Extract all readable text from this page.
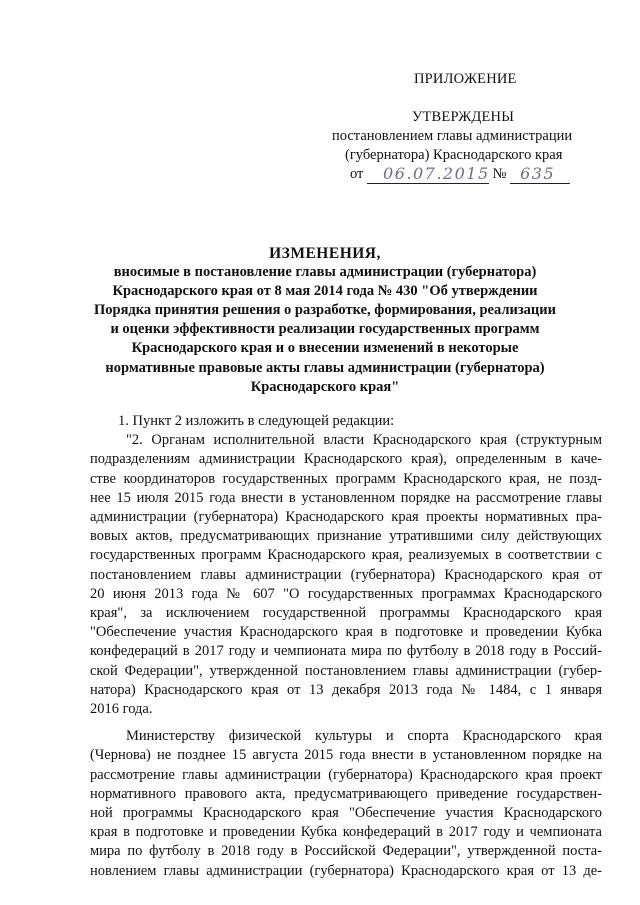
ПРИЛОЖЕНИЕ
УТВЕРЖДЕНЫ
постановлением главы администрации
(губернатора) Краснодарского края
от 06.07.2015 № 635
ИЗМЕНЕНИЯ,
вносимые в постановление главы администрации (губернатора)
Краснодарского края от 8 мая 2014 года № 430 "Об утверждении
Порядка принятия решения о разработке, формирования, реализации
и оценки эффективности реализации государственных программ
Краснодарского края и о внесении изменений в некоторые
нормативные правовые акты главы администрации (губернатора)
Краснодарского края"
1. Пункт 2 изложить в следующей редакции:
"2. Органам исполнительной власти Краснодарского края (структурным
подразделениям администрации Краснодарского края), определенным в каче-
стве координаторов государственных программ Краснодарского края, не позд-
нее 15 июля 2015 года внести в установленном порядке на рассмотрение главы
администрации (губернатора) Краснодарского края проекты нормативных пра-
вовых актов, предусматривающих признание утратившими силу действующих
государственных программ Краснодарского края, реализуемых в соответствии с
постановлением главы администрации (губернатора) Краснодарского края от
20 июня 2013 года № 607 "О государственных программах Краснодарского
края", за исключением государственной программы Краснодарского края
"Обеспечение участия Краснодарского края в подготовке и проведении Кубка
конфедераций в 2017 году и чемпионата мира по футболу в 2018 году в Россий-
ской Федерации", утвержденной постановлением главы администрации (губер-
натора) Краснодарского края от 13 декабря 2013 года № 1484, с 1 января
2016 года.
Министерству физической культуры и спорта Краснодарского края
(Чернова) не позднее 15 августа 2015 года внести в установленном порядке на
рассмотрение главы администрации (губернатора) Краснодарского края проект
нормативного правового акта, предусматривающего приведение государствен-
ной программы Краснодарского края "Обеспечение участия Краснодарского
края в подготовке и проведении Кубка конфедераций в 2017 году и чемпионата
мира по футболу в 2018 году в Российской Федерации", утвержденной поста-
новлением главы администрации (губернатора) Краснодарского края от 13 де-
